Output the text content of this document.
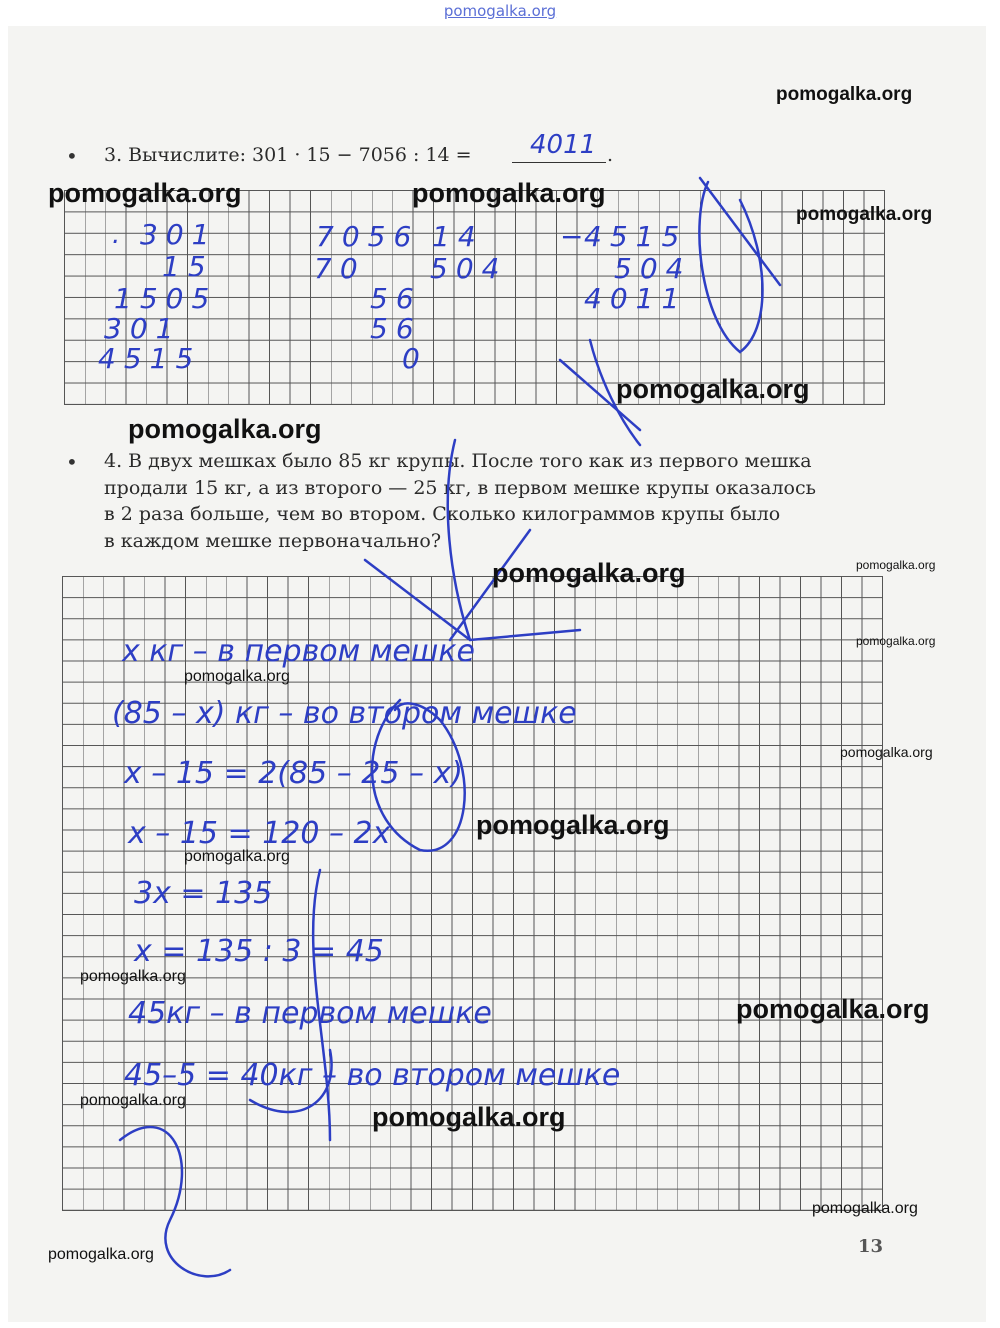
pomogalka.org
• 3. Вычислите: 301 · 15 − 7056 : 14 = 4011 .
. 301
15
1505
301
4515
7056 14
504
70
56
56
0
− 4515
504
4011
• 4. В двух мешках было 85 кг крупы. После того как из первого мешка
продали 15 кг, а из второго — 25 кг, в первом мешке крупы оказалось
в 2 раза больше, чем во втором. Сколько килограммов крупы было
в каждом мешке первоначально?
x кг – в первом мешке
(85 – x) кг – во втором мешке
x – 15 = 2(85 – 25 – x)
x – 15 = 120 – 2x
3x = 135
x = 135 : 3 = 45
45кг – в первом мешке
45–5 = 40кг – во втором мешке
pomogalka.org
pomogalka.org	pomogalka.org
pomogalka.org
pomogalka.org
pomogalka.org
pomogalka.org	pomogalka.org
pomogalka.org
pomogalka.org
pomogalka.org
pomogalka.org
pomogalka.org
pomogalka.org
pomogalka.org
pomogalka.org
pomogalka.org
pomogalka.org
pomogalka.org	13
